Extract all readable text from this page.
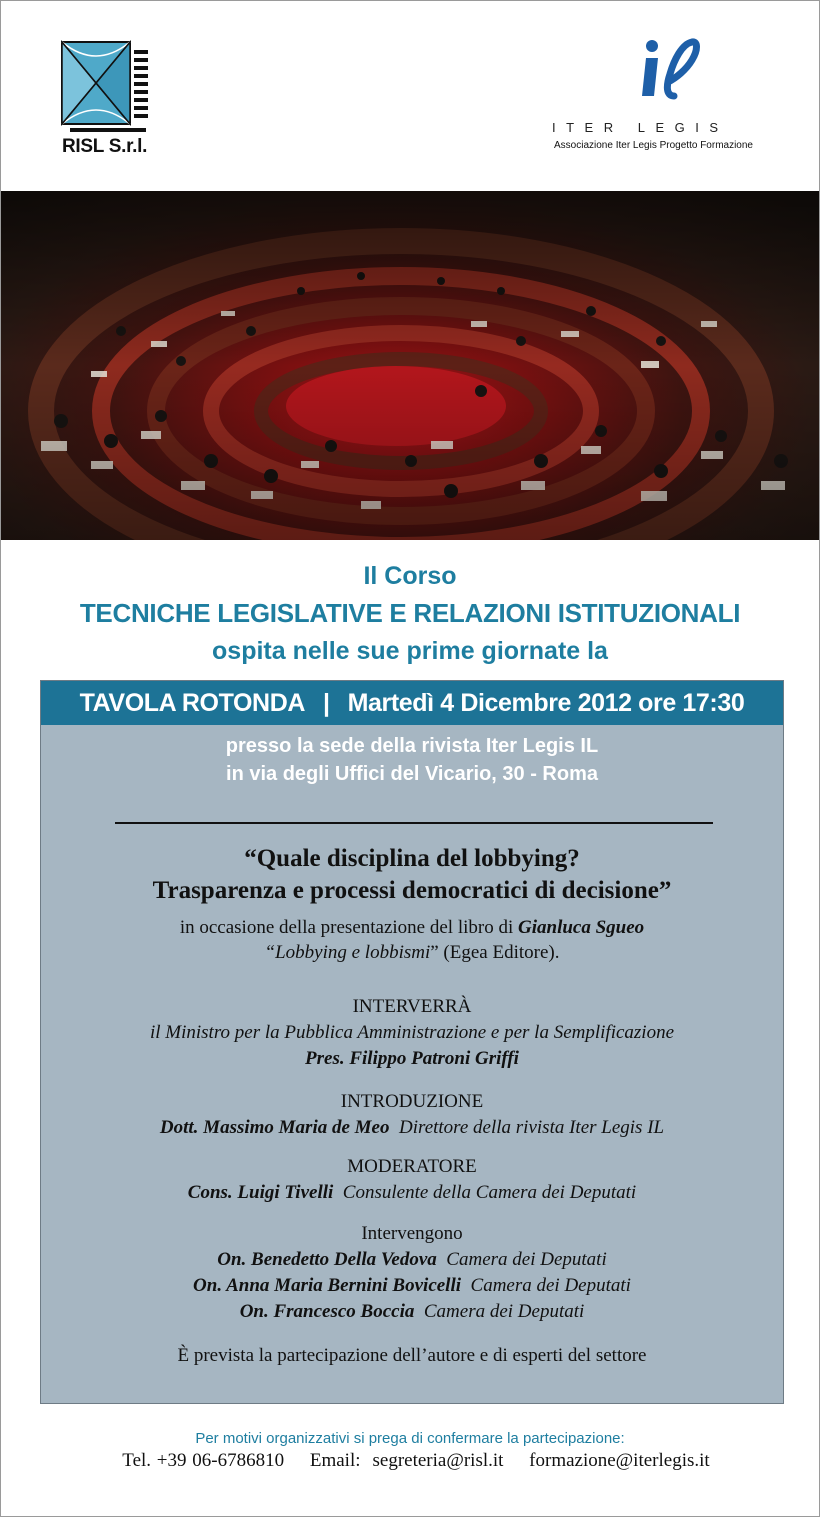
RISL S.r.l.
ITER LEGIS
Associazione Iter Legis Progetto Formazione
Il Corso
TECNICHE LEGISLATIVE E RELAZIONI ISTITUZIONALI
ospita nelle sue prime giornate la
TAVOLA ROTONDA | Martedì 4 Dicembre 2012 ore 17:30
presso la sede della rivista Iter Legis IL
in via degli Uffici del Vicario, 30 - Roma
“Quale disciplina del lobbying?
Trasparenza e processi democratici di decisione”
in occasione della presentazione del libro di Gianluca Sgueo
“Lobbying e lobbismi” (Egea Editore).
INTERVERRÀ
il Ministro per la Pubblica Amministrazione e per la Semplificazione
Pres. Filippo Patroni Griffi
INTRODUZIONE
Dott. Massimo Maria de Meo Direttore della rivista Iter Legis IL
MODERATORE
Cons. Luigi Tivelli Consulente della Camera dei Deputati
Intervengono
On. Benedetto Della Vedova Camera dei Deputati
On. Anna Maria Bernini Bovicelli Camera dei Deputati
On. Francesco Boccia Camera dei Deputati
È prevista la partecipazione dell’autore e di esperti del settore
Per motivi organizzativi si prega di confermare la partecipazione:
Tel. +39 06-6786810 Email: segreteria@risl.it formazione@iterlegis.it
